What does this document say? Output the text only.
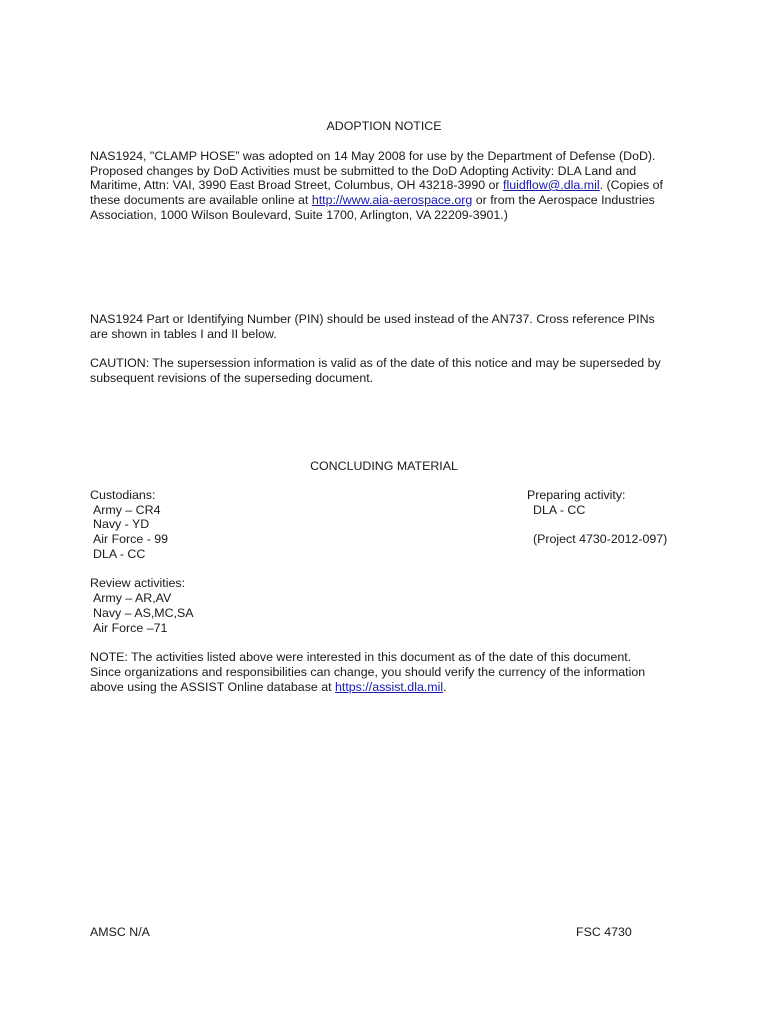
ADOPTION NOTICE
NAS1924, "CLAMP HOSE” was adopted on 14 May 2008 for use by the Department of Defense (DoD).
Proposed changes by DoD Activities must be submitted to the DoD Adopting Activity: DLA Land and
Maritime, Attn: VAI, 3990 East Broad Street, Columbus, OH 43218-3990 or fluidflow@.dla.mil. (Copies of
these documents are available online at http://www.aia-aerospace.org or from the Aerospace Industries
Association, 1000 Wilson Boulevard, Suite 1700, Arlington, VA 22209-3901.)
NAS1924 Part or Identifying Number (PIN) should be used instead of the AN737. Cross reference PINs
are shown in tables I and II below.
CAUTION: The supersession information is valid as of the date of this notice and may be superseded by
subsequent revisions of the superseding document.
CONCLUDING MATERIAL
Custodians:
Army – CR4
Navy - YD
Air Force - 99
DLA - CC
Preparing activity:
DLA - CC
(Project 4730-2012-097)
Review activities:
Army – AR,AV
Navy – AS,MC,SA
Air Force –71
NOTE: The activities listed above were interested in this document as of the date of this document.
Since organizations and responsibilities can change, you should verify the currency of the information
above using the ASSIST Online database at https://assist.dla.mil.
AMSC N/A	FSC 4730
